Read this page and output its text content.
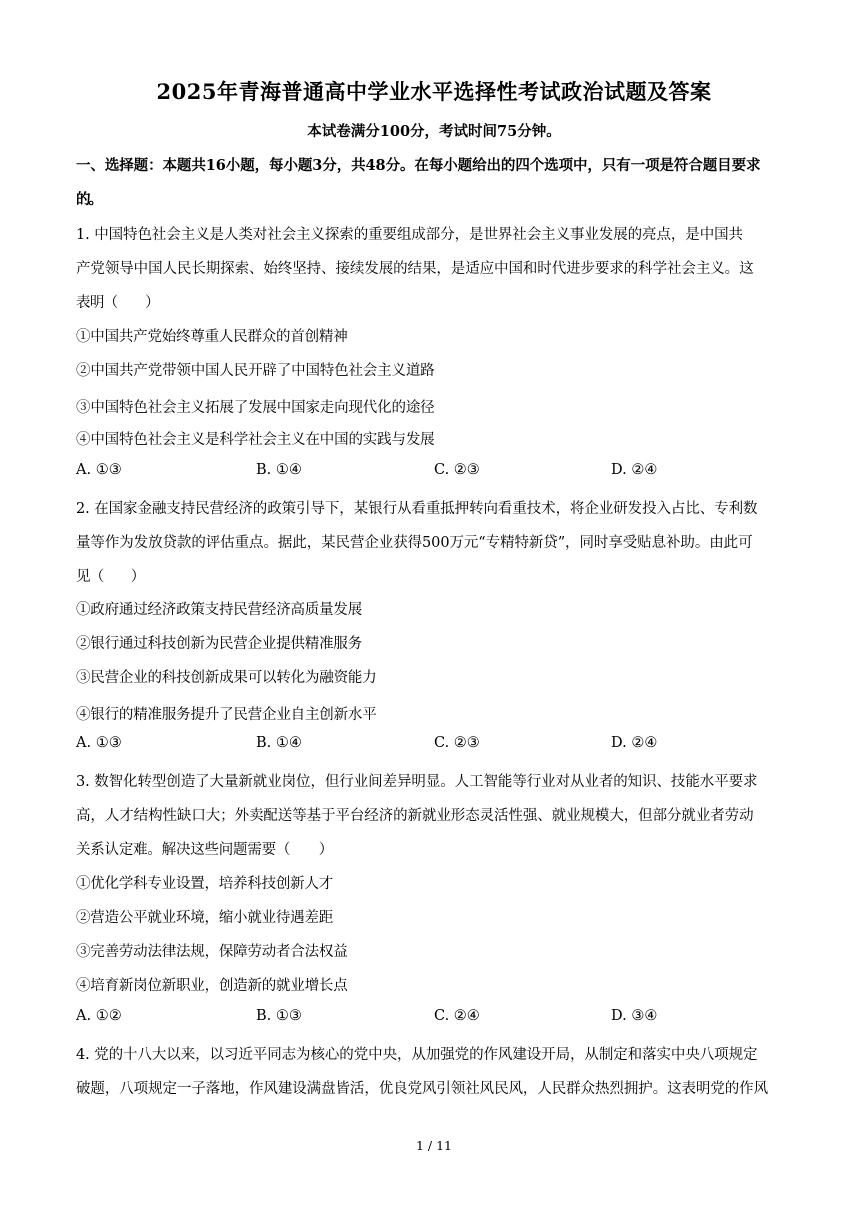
2025年青海普通高中学业水平选择性考试政治试题及答案
本试卷满分100分，考试时间75分钟。
一、选择题：本题共16小题，每小题3分，共48分。在每小题给出的四个选项中，只有一项是符合题目要求
的。
1. 中国特色社会主义是人类对社会主义探索的重要组成部分，是世界社会主义事业发展的亮点，是中国共
产党领导中国人民长期探索、始终坚持、接续发展的结果，是适应中国和时代进步要求的科学社会主义。这
表明（　　）
①中国共产党始终尊重人民群众的首创精神
②中国共产党带领中国人民开辟了中国特色社会主义道路
③中国特色社会主义拓展了发展中国家走向现代化的途径
④中国特色社会主义是科学社会主义在中国的实践与发展
A. ①③	B. ①④	C. ②③	D. ②④
2. 在国家金融支持民营经济的政策引导下，某银行从看重抵押转向看重技术，将企业研发投入占比、专利数
量等作为发放贷款的评估重点。据此，某民营企业获得500万元“专精特新贷”，同时享受贴息补助。由此可
见（　　）
①政府通过经济政策支持民营经济高质量发展
②银行通过科技创新为民营企业提供精准服务
③民营企业的科技创新成果可以转化为融资能力
④银行的精准服务提升了民营企业自主创新水平
A. ①③	B. ①④	C. ②③	D. ②④
3. 数智化转型创造了大量新就业岗位，但行业间差异明显。人工智能等行业对从业者的知识、技能水平要求
高，人才结构性缺口大；外卖配送等基于平台经济的新就业形态灵活性强、就业规模大，但部分就业者劳动
关系认定难。解决这些问题需要（　　）
①优化学科专业设置，培养科技创新人才
②营造公平就业环境，缩小就业待遇差距
③完善劳动法律法规，保障劳动者合法权益
④培育新岗位新职业，创造新的就业增长点
A. ①②	B. ①③	C. ②④	D. ③④
4. 党的十八大以来，以习近平同志为核心的党中央，从加强党的作风建设开局，从制定和落实中央八项规定
破题，八项规定一子落地，作风建设满盘皆活，优良党风引领社风民风，人民群众热烈拥护。这表明党的作风
1 / 11
